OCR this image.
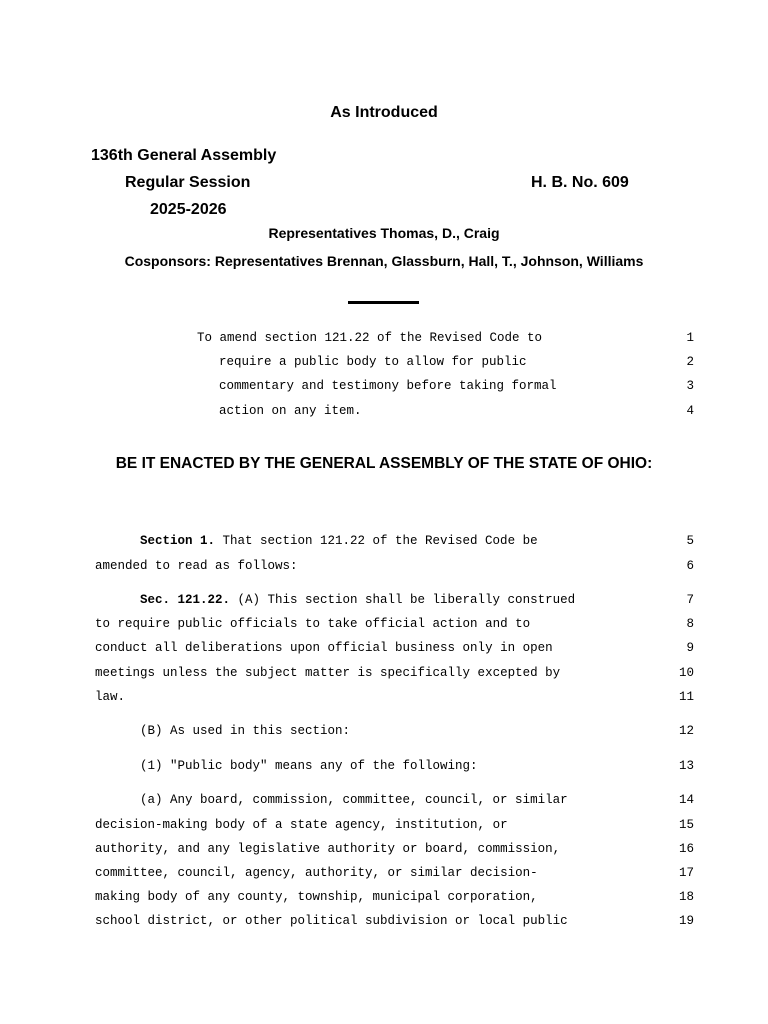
As Introduced
136th General Assembly
Regular Session
2025-2026
H. B. No. 609
Representatives Thomas, D., Craig
Cosponsors: Representatives Brennan, Glassburn, Hall, T., Johnson, Williams
To amend section 121.22 of the Revised Code to	1
require a public body to allow for public	2
commentary and testimony before taking formal	3
action on any item.	4
BE IT ENACTED BY THE GENERAL ASSEMBLY OF THE STATE OF OHIO:
Section 1. That section 121.22 of the Revised Code be	5
amended to read as follows:	6
Sec. 121.22. (A) This section shall be liberally construed	7
to require public officials to take official action and to	8
conduct all deliberations upon official business only in open	9
meetings unless the subject matter is specifically excepted by	10
law.	11
(B) As used in this section:	12
(1) "Public body" means any of the following:	13
(a) Any board, commission, committee, council, or similar	14
decision-making body of a state agency, institution, or	15
authority, and any legislative authority or board, commission,	16
committee, council, agency, authority, or similar decision-	17
making body of any county, township, municipal corporation,	18
school district, or other political subdivision or local public	19
